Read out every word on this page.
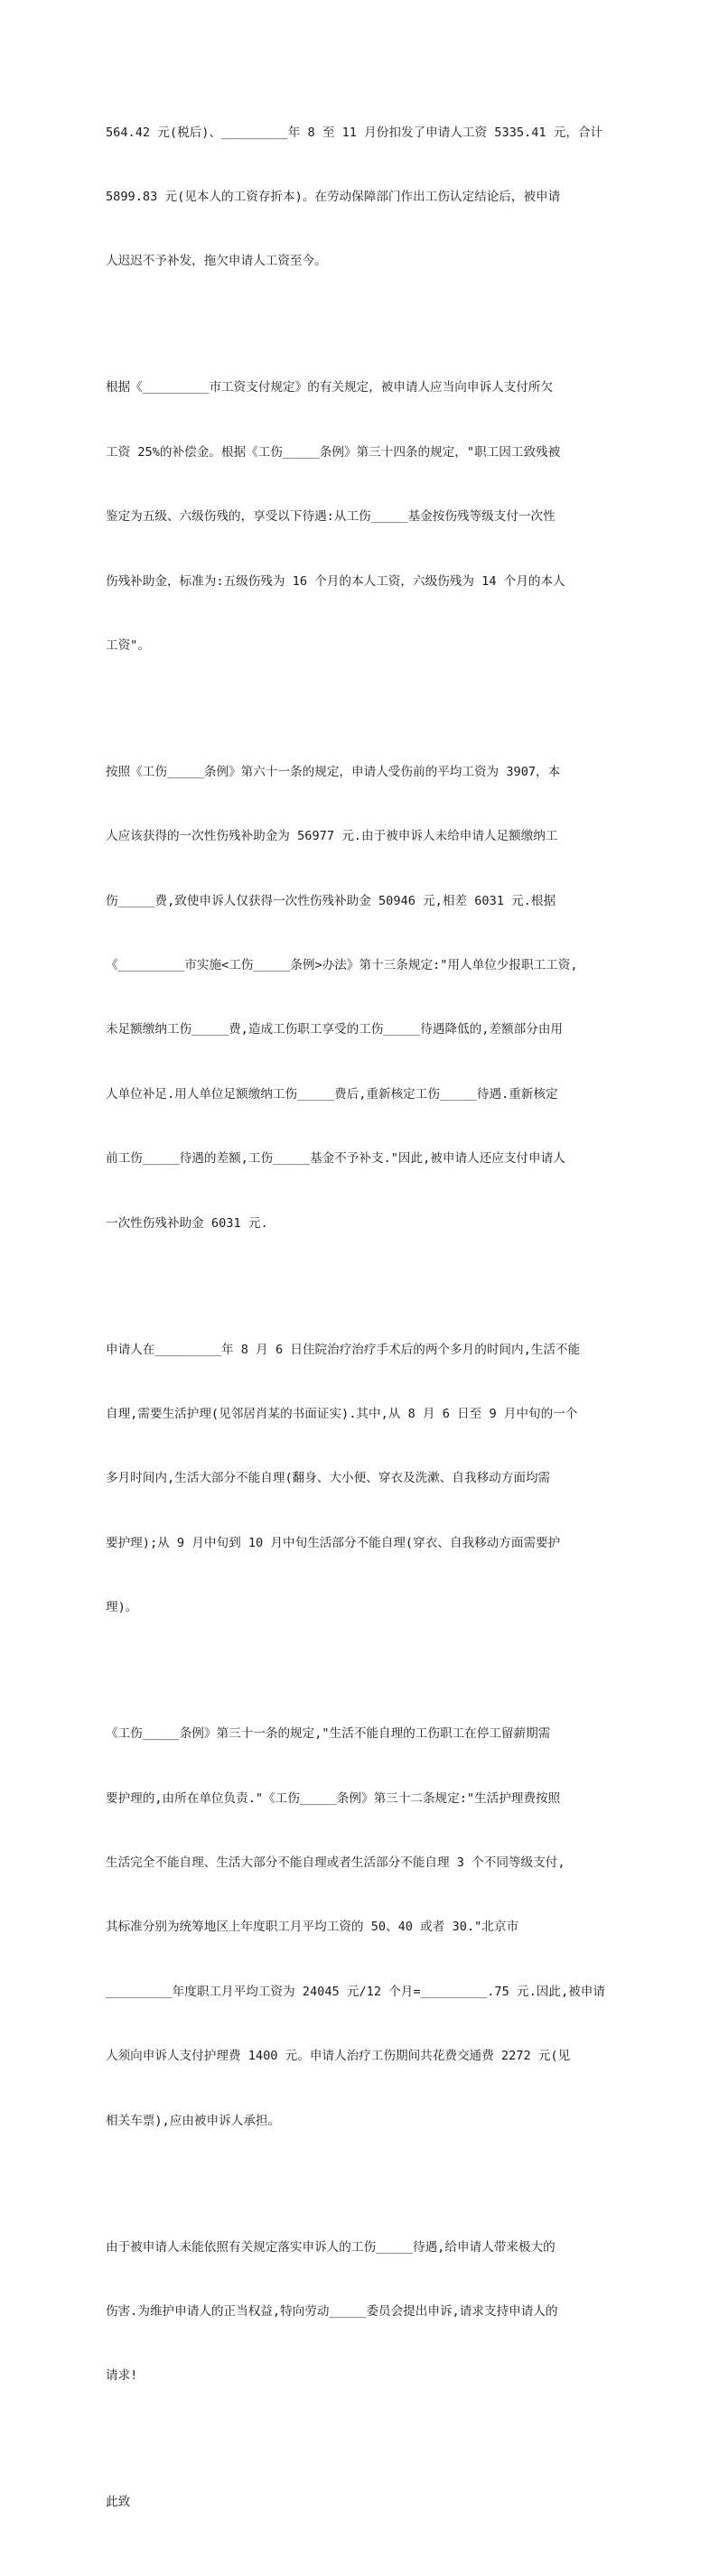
564.42 元(税后)、_________年 8 至 11 月份扣发了申请人工资 5335.41 元，合计

5899.83 元(见本人的工资存折本)。在劳动保障部门作出工伤认定结论后，被申请

人迟迟不予补发，拖欠申请人工资至今。

根据《_________市工资支付规定》的有关规定，被申请人应当向申诉人支付所欠

工资 25%的补偿金。根据《工伤_____条例》第三十四条的规定，"职工因工致残被

鉴定为五级、六级伤残的，享受以下待遇:从工伤_____基金按伤残等级支付一次性

伤残补助金，标准为:五级伤残为 16 个月的本人工资，六级伤残为 14 个月的本人

工资"。

按照《工伤_____条例》第六十一条的规定，申请人受伤前的平均工资为 3907，本

人应该获得的一次性伤残补助金为 56977 元.由于被申诉人未给申请人足额缴纳工

伤_____费,致使申诉人仅获得一次性伤残补助金 50946 元,相差 6031 元.根据

《_________市实施<工伤_____条例>办法》第十三条规定:"用人单位少报职工工资,

未足额缴纳工伤_____费,造成工伤职工享受的工伤_____待遇降低的,差额部分由用

人单位补足.用人单位足额缴纳工伤_____费后,重新核定工伤_____待遇.重新核定

前工伤_____待遇的差额,工伤_____基金不予补支."因此,被申请人还应支付申请人

一次性伤残补助金 6031 元.

申请人在_________年 8 月 6 日住院治疗治疗手术后的两个多月的时间内,生活不能

自理,需要生活护理(见邻居肖某的书面证实).其中,从 8 月 6 日至 9 月中旬的一个

多月时间内,生活大部分不能自理(翻身、大小便、穿衣及洗漱、自我移动方面均需

要护理);从 9 月中旬到 10 月中旬生活部分不能自理(穿衣、自我移动方面需要护

理)。

《工伤_____条例》第三十一条的规定,"生活不能自理的工伤职工在停工留薪期需

要护理的,由所在单位负责."《工伤_____条例》第三十二条规定:"生活护理费按照

生活完全不能自理、生活大部分不能自理或者生活部分不能自理 3 个不同等级支付,

其标准分别为统筹地区上年度职工月平均工资的 50、40 或者 30."北京市

_________年度职工月平均工资为 24045 元/12 个月=_________.75 元.因此,被申请

人须向申诉人支付护理费 1400 元。申请人治疗工伤期间共花费交通费 2272 元(见

相关车票),应由被申诉人承担。

由于被申请人未能依照有关规定落实申诉人的工伤_____待遇,给申请人带来极大的

伤害.为维护申请人的正当权益,特向劳动_____委员会提出申诉,请求支持申请人的

请求!

此致
